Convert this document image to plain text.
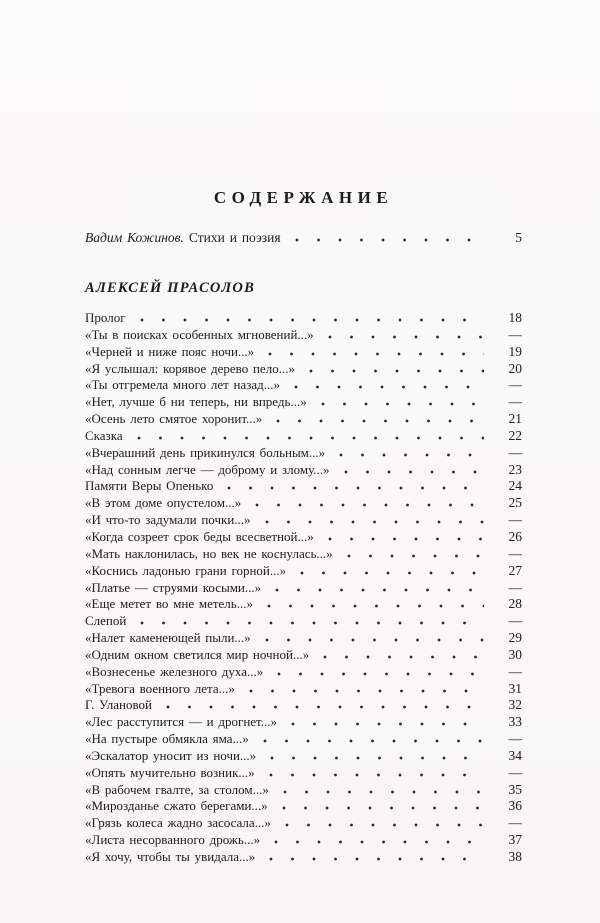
СОДЕРЖАНИЕ
Вадим Кожинов. Стихи и поэзия	5
АЛЕКСЕЙ ПРАСОЛОВ
Пролог	18
«Ты в поисках особенных мгновений...»	—
«Черней и ниже пояс ночи...»	19
«Я услышал: корявое дерево пело...»	20
«Ты отгремела много лет назад...»	—
«Нет, лучше б ни теперь, ни впредь...»	—
«Осень лето смятое хоронит...»	21
Сказка	22
«Вчерашний день прикинулся больным...»	—
«Над сонным легче — доброму и злому...»	23
Памяти Веры Опенько	24
«В этом доме опустелом...»	25
«И что-то задумали почки...»	—
«Когда созреет срок беды всесветной...»	26
«Мать наклонилась, но век не коснулась...»	—
«Коснись ладонью грани горной...»	27
«Платье — струями косыми...»	—
«Еще метет во мне метель...»	28
Слепой	—
«Налет каменеющей пыли...»	29
«Одним окном светился мир ночной...»	30
«Вознесенье железного духа...»	—
«Тревога военного лета...»	31
Г. Улановой	32
«Лес расступится — и дрогнет...»	33
«На пустыре обмякла яма...»	—
«Эскалатор уносит из ночи...»	34
«Опять мучительно возник...»	—
«В рабочем гвалте, за столом...»	35
«Мирозданье сжато берегами...»	36
«Грязь колеса жадно засосала...»	—
«Листа несорванного дрожь...»	37
«Я хочу, чтобы ты увидала...»	38
